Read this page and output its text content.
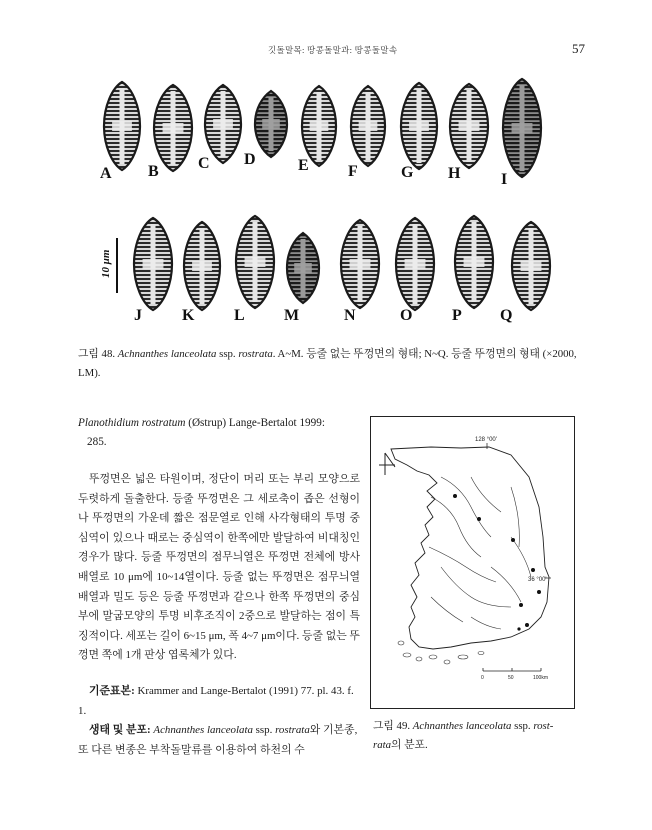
깃돌말목: 땅콩돌말과: 땅콩돌말속	57
A B C D	E F	G H	I
J	K L M	N	O P Q
10 μm
그림 48. Achnanthes lanceolata ssp. rostrata. A~M. 등줄 없는 뚜껑면의 형태; N~Q. 등줄 뚜껑면의 형태 (×2000, LM).
Planothidium rostratum (Østrup) Lange-Bertalot 1999:
285.

뚜껑면은 넓은 타원이며, 정단이 머리 또는 부리 모양으로 두렷하게 돌출한다. 등줄 뚜껑면은 그 세로축이 좁은 선형이나 뚜껑면의 가운데 짧은 점문열로 인해 사각형태의 투명 중심역이 있으나 때로는 중심역이 한쪽에만 발달하여 비대칭인 경우가 많다. 등줄 뚜껑면의 점무늬열은 뚜껑면 전체에 방사 배열로 10 μm에 10~14열이다. 등줄 없는 뚜껑면은 점무늬열 배열과 밀도 등은 등줄 뚜껑면과 같으나 한쪽 뚜껑면의 중심부에 말굽모양의 투명 비후조직이 2중으로 발달하는 점이 특징적이다. 세포는 길이 6~15 μm, 폭 4~7 μm이다. 등줄 없는 뚜껑면 쪽에 1개 판상 엽록체가 있다.

기준표본: Krammer and Lange-Bertalot (1991) 77. pl. 43. f. 1.

생태 및 분포: Achnanthes lanceolata ssp. rostrata와 기본종, 또 다른 변종은 부착돌말류를 이용하여 하천의 수

128 °00'
36 °00'
0	50	100km
그림 49. Achnanthes lanceolata ssp. rost-
rata의 분포.
